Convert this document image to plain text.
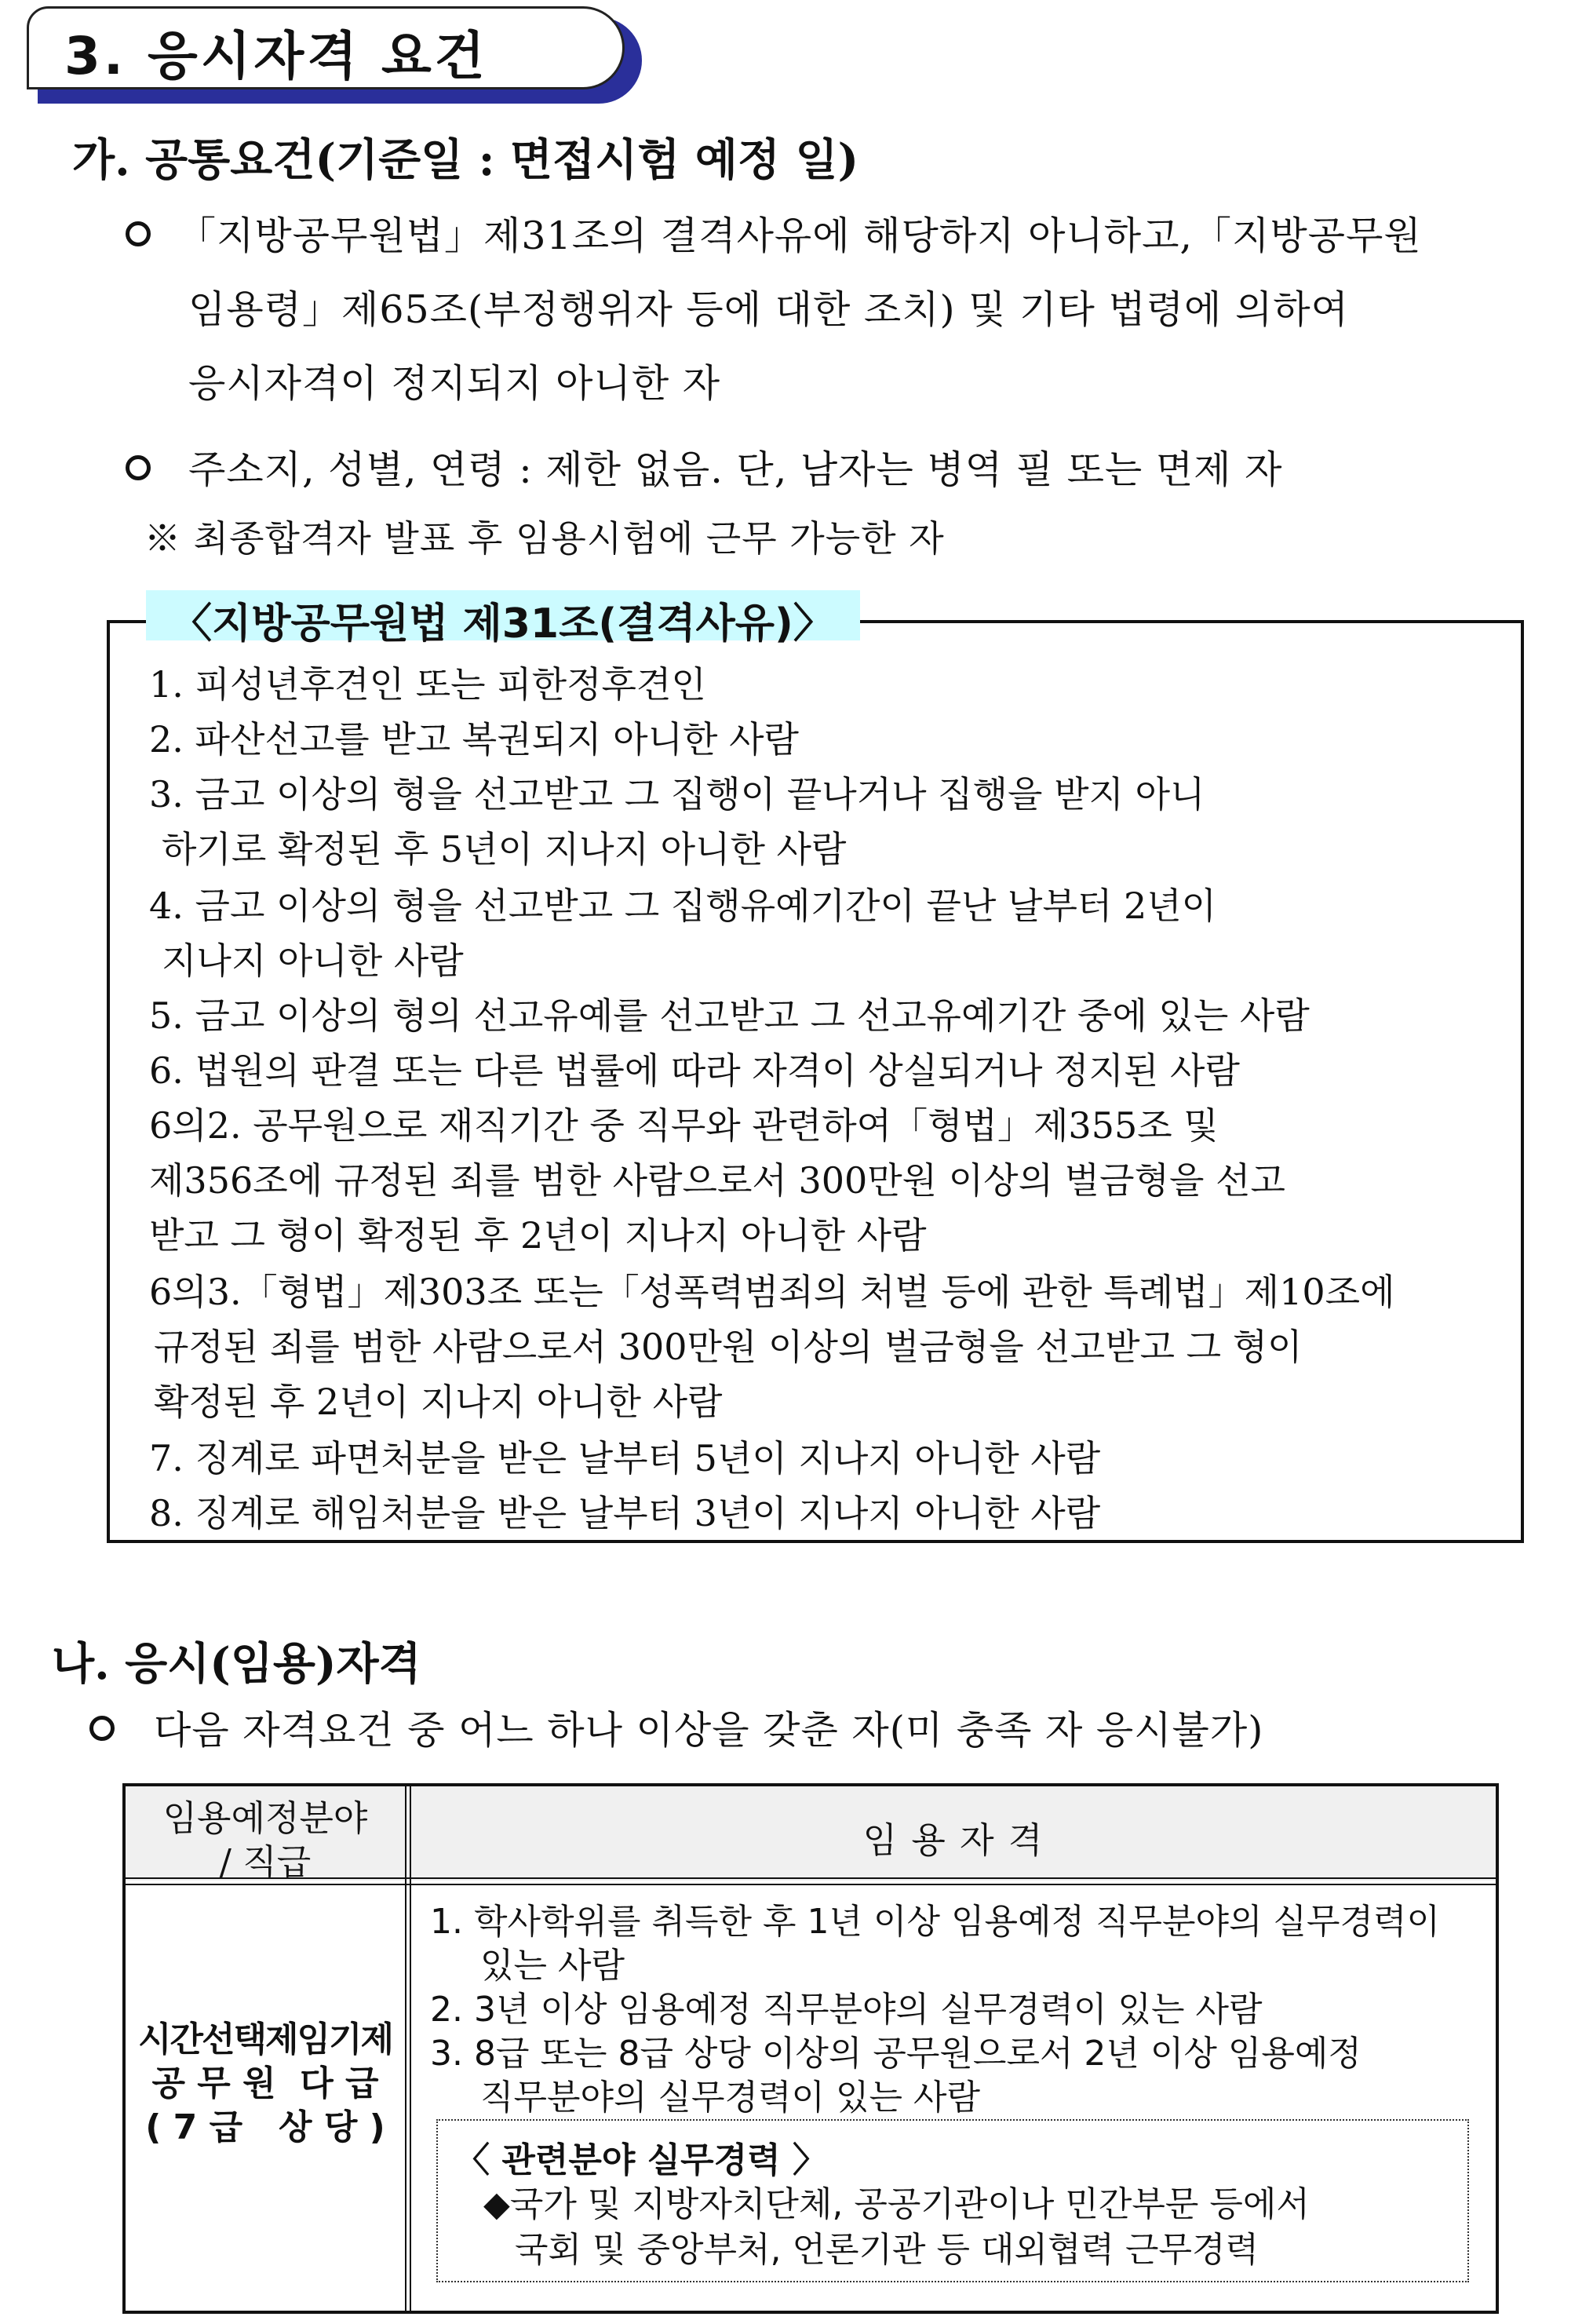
3. 응시자격 요건
가. 공통요건(기준일 : 면접시험 예정 일)
「지방공무원법」제31조의 결격사유에 해당하지 아니하고,「지방공무원
임용령」제65조(부정행위자 등에 대한 조치) 및 기타 법령에 의하여
응시자격이 정지되지 아니한 자
주소지, 성별, 연령 : 제한 없음. 단, 남자는 병역 필 또는 면제 자
※ 최종합격자 발표 후 임용시험에 근무 가능한 자
〈지방공무원법 제31조(결격사유)〉
1. 피성년후견인 또는 피한정후견인
2. 파산선고를 받고 복권되지 아니한 사람
3. 금고 이상의 형을 선고받고 그 집행이 끝나거나 집행을 받지 아니
하기로 확정된 후 5년이 지나지 아니한 사람
4. 금고 이상의 형을 선고받고 그 집행유예기간이 끝난 날부터 2년이
지나지 아니한 사람
5. 금고 이상의 형의 선고유예를 선고받고 그 선고유예기간 중에 있는 사람
6. 법원의 판결 또는 다른 법률에 따라 자격이 상실되거나 정지된 사람
6의2. 공무원으로 재직기간 중 직무와 관련하여「형법」제355조 및
제356조에 규정된 죄를 범한 사람으로서 300만원 이상의 벌금형을 선고
받고 그 형이 확정된 후 2년이 지나지 아니한 사람
6의3.「형법」제303조 또는「성폭력범죄의 처벌 등에 관한 특례법」제10조에
규정된 죄를 범한 사람으로서 300만원 이상의 벌금형을 선고받고 그 형이
확정된 후 2년이 지나지 아니한 사람
7. 징계로 파면처분을 받은 날부터 5년이 지나지 아니한 사람
8. 징계로 해임처분을 받은 날부터 3년이 지나지 아니한 사람
나. 응시(임용)자격
다음 자격요건 중 어느 하나 이상을 갖춘 자(미 충족 자 응시불가)
임용예정분야
/ 직급
임 용 자 격
시간선택제임기제
공 무 원  다 급
( 7 급   상 당 )
1. 학사학위를 취득한 후 1년 이상 임용예정 직무분야의 실무경력이
있는 사람
2. 3년 이상 임용예정 직무분야의 실무경력이 있는 사람
3. 8급 또는 8급 상당 이상의 공무원으로서 2년 이상 임용예정
직무분야의 실무경력이 있는 사람
〈 관련분야 실무경력 〉
◆국가 및 지방자치단체, 공공기관이나 민간부문 등에서
국회 및 중앙부처, 언론기관 등 대외협력 근무경력
